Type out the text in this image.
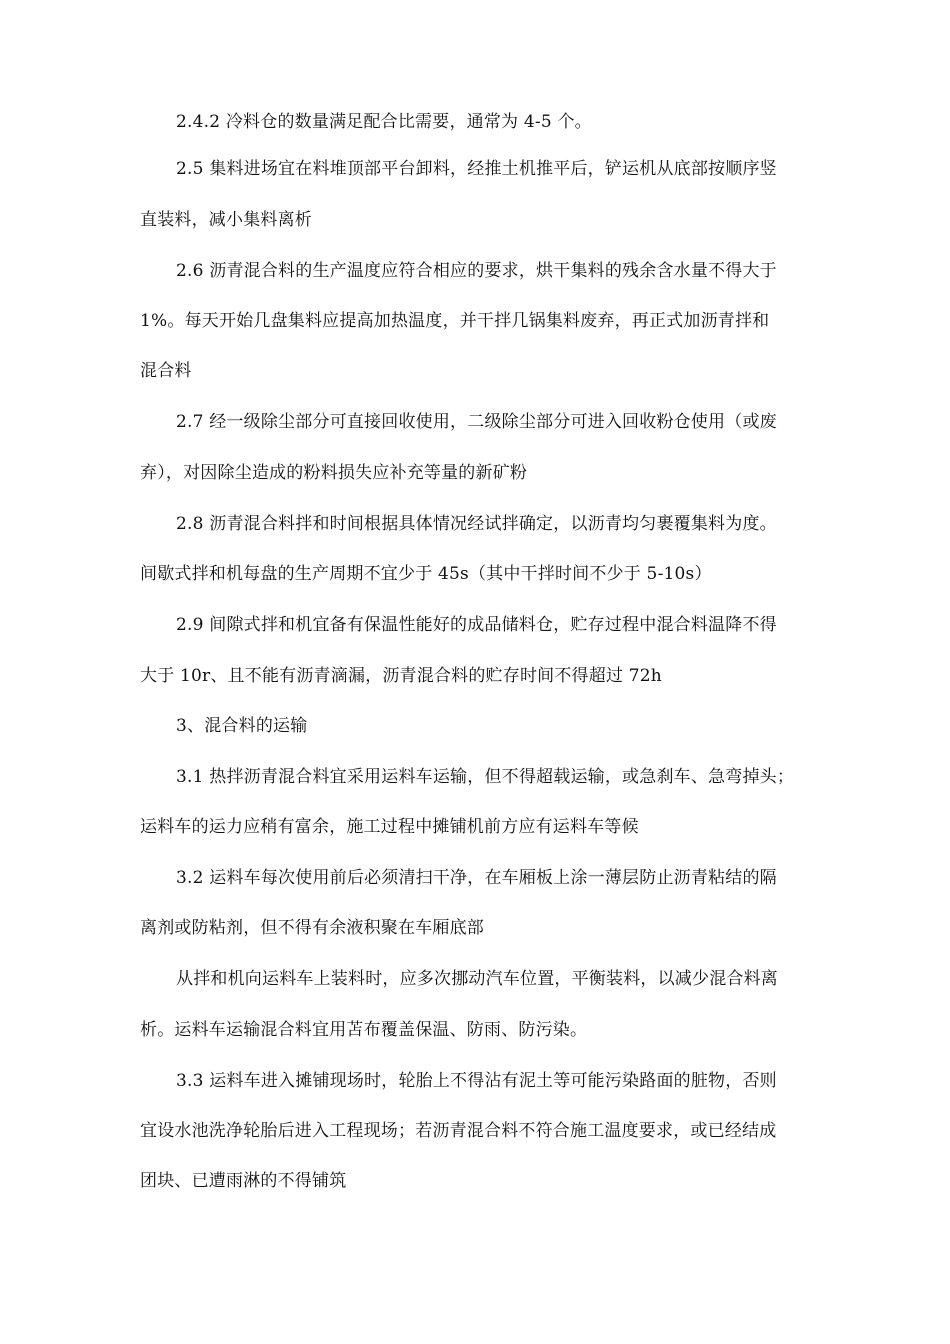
2.4.2 冷料仓的数量满足配合比需要，通常为 4-5 个。
2.5 集料进场宜在料堆顶部平台卸料，经推土机推平后，铲运机从底部按顺序竖
直装料，减小集料离析
2.6 沥青混合料的生产温度应符合相应的要求，烘干集料的残余含水量不得大于
1%。每天开始几盘集料应提高加热温度，并干拌几锅集料废弃，再正式加沥青拌和
混合料
2.7 经一级除尘部分可直接回收使用，二级除尘部分可进入回收粉仓使用（或废
弃），对因除尘造成的粉料损失应补充等量的新矿粉
2.8 沥青混合料拌和时间根据具体情况经试拌确定，以沥青均匀裹覆集料为度。
间歇式拌和机每盘的生产周期不宜少于 45s（其中干拌时间不少于 5-10s）
2.9 间隙式拌和机宜备有保温性能好的成品储料仓，贮存过程中混合料温降不得
大于 10r、且不能有沥青滴漏，沥青混合料的贮存时间不得超过 72h
3、混合料的运输
3.1 热拌沥青混合料宜采用运料车运输，但不得超载运输，或急刹车、急弯掉头；
运料车的运力应稍有富余，施工过程中摊铺机前方应有运料车等候
3.2 运料车每次使用前后必须清扫干净，在车厢板上涂一薄层防止沥青粘结的隔
离剂或防粘剂，但不得有余液积聚在车厢底部
从拌和机向运料车上装料时，应多次挪动汽车位置，平衡装料，以减少混合料离
析。运料车运输混合料宜用苫布覆盖保温、防雨、防污染。
3.3 运料车进入摊铺现场时，轮胎上不得沾有泥土等可能污染路面的脏物，否则
宜设水池洗净轮胎后进入工程现场；若沥青混合料不符合施工温度要求，或已经结成
团块、已遭雨淋的不得铺筑
